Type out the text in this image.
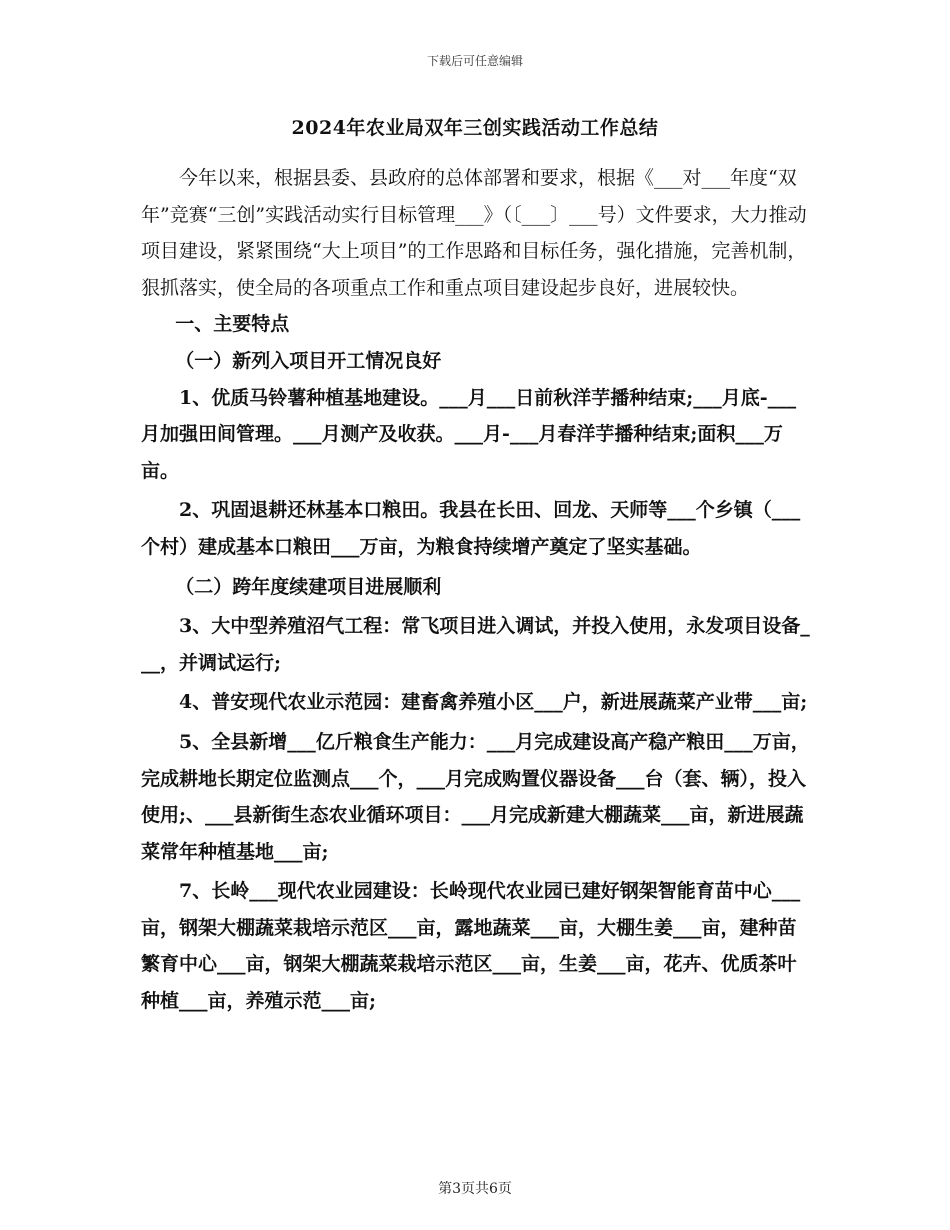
下载后可任意编辑
2024年农业局双年三创实践活动工作总结

今年以来，根据县委、县政府的总体部署和要求，根据《___对___年度“双年”竞赛“三创”实践活动实行目标管理___》（〔___〕___号）文件要求，大力推动项目建设，紧紧围绕“大上项目”的工作思路和目标任务，强化措施，完善机制，狠抓落实，使全局的各项重点工作和重点项目建设起步良好，进展较快。

一、主要特点

（一）新列入项目开工情况良好

1、优质马铃薯种植基地建设。___月___日前秋洋芋播种结束;___月底-___月加强田间管理。___月测产及收获。___月-___月春洋芋播种结束;面积___万亩。

2、巩固退耕还林基本口粮田。我县在长田、回龙、天师等___个乡镇（___个村）建成基本口粮田___万亩，为粮食持续增产奠定了坚实基础。

（二）跨年度续建项目进展顺利

3、大中型养殖沼气工程：常飞项目进入调试，并投入使用，永发项目设备___，并调试运行;

4、普安现代农业示范园：建畜禽养殖小区___户，新进展蔬菜产业带___亩;

5、全县新增___亿斤粮食生产能力：___月完成建设高产稳产粮田___万亩，完成耕地长期定位监测点___个，___月完成购置仪器设备___台（套、辆），投入使用;、___县新街生态农业循环项目：___月完成新建大棚蔬菜___亩，新进展蔬菜常年种植基地___亩;

7、长岭___现代农业园建设：长岭现代农业园已建好钢架智能育苗中心___亩，钢架大棚蔬菜栽培示范区___亩，露地蔬菜___亩，大棚生姜___亩，建种苗繁育中心___亩，钢架大棚蔬菜栽培示范区___亩，生姜___亩，花卉、优质茶叶种植___亩，养殖示范___亩;

第3页共6页
